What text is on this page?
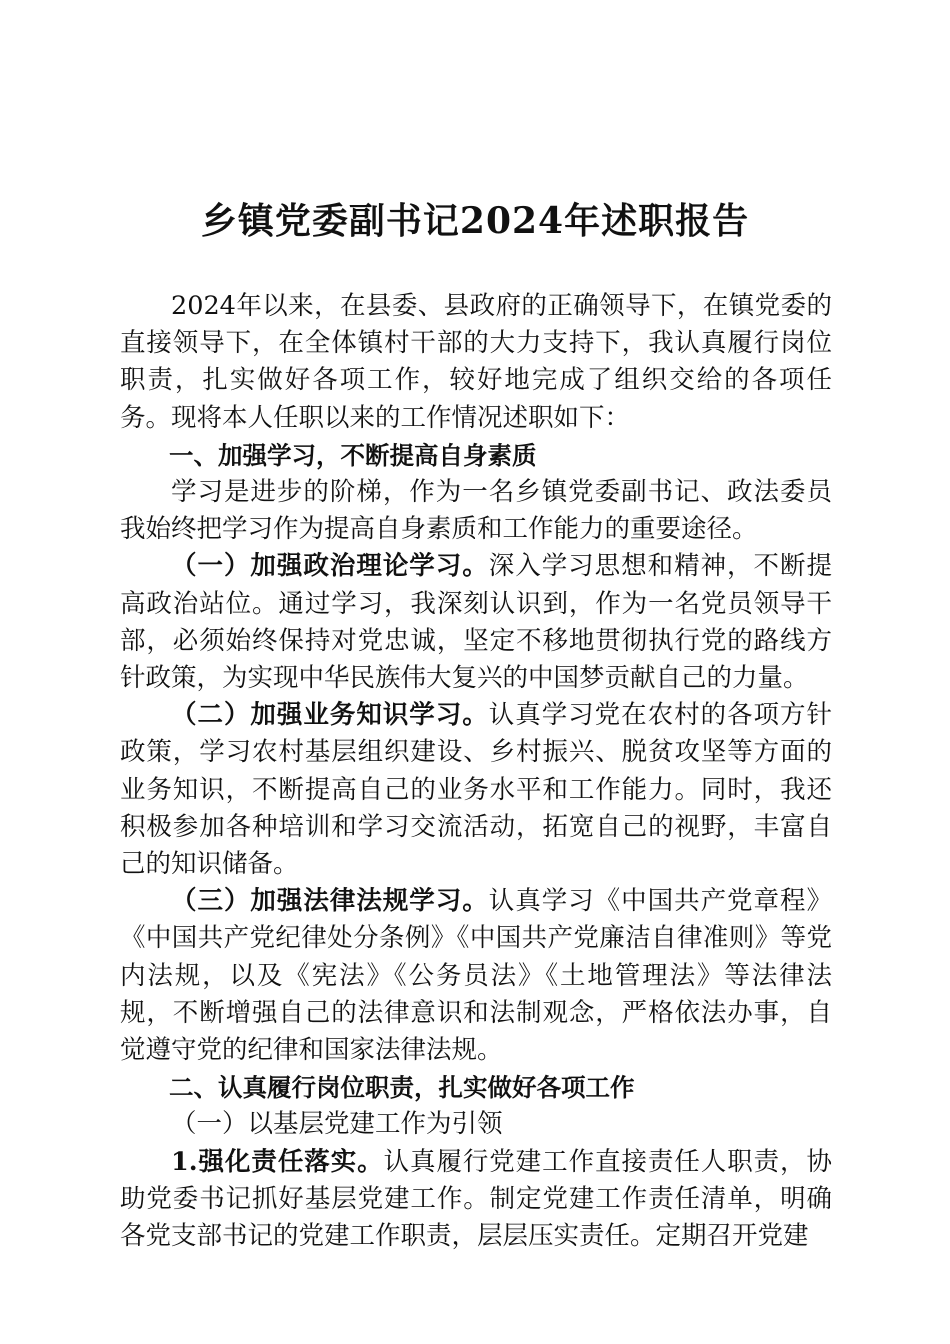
乡镇党委副书记2024年述职报告

2024年以来，在县委、县政府的正确领导下，在镇党委的直接领导下，在全体镇村干部的大力支持下，我认真履行岗位职责，扎实做好各项工作，较好地完成了组织交给的各项任务。现将本人任职以来的工作情况述职如下：

一、加强学习，不断提高自身素质

学习是进步的阶梯，作为一名乡镇党委副书记、政法委员我始终把学习作为提高自身素质和工作能力的重要途径。

（一）加强政治理论学习。深入学习思想和精神，不断提高政治站位。通过学习，我深刻认识到，作为一名党员领导干部，必须始终保持对党忠诚，坚定不移地贯彻执行党的路线方针政策，为实现中华民族伟大复兴的中国梦贡献自己的力量。

（二）加强业务知识学习。认真学习党在农村的各项方针政策，学习农村基层组织建设、乡村振兴、脱贫攻坚等方面的业务知识，不断提高自己的业务水平和工作能力。同时，我还积极参加各种培训和学习交流活动，拓宽自己的视野，丰富自己的知识储备。

（三）加强法律法规学习。认真学习《中国共产党章程》《中国共产党纪律处分条例》《中国共产党廉洁自律准则》等党内法规，以及《宪法》《公务员法》《土地管理法》等法律法规，不断增强自己的法律意识和法制观念，严格依法办事，自觉遵守党的纪律和国家法律法规。

二、认真履行岗位职责，扎实做好各项工作

（一）以基层党建工作为引领

1.强化责任落实。认真履行党建工作直接责任人职责，协助党委书记抓好基层党建工作。制定党建工作责任清单，明确各党支部书记的党建工作职责，层层压实责任。定期召开党建
